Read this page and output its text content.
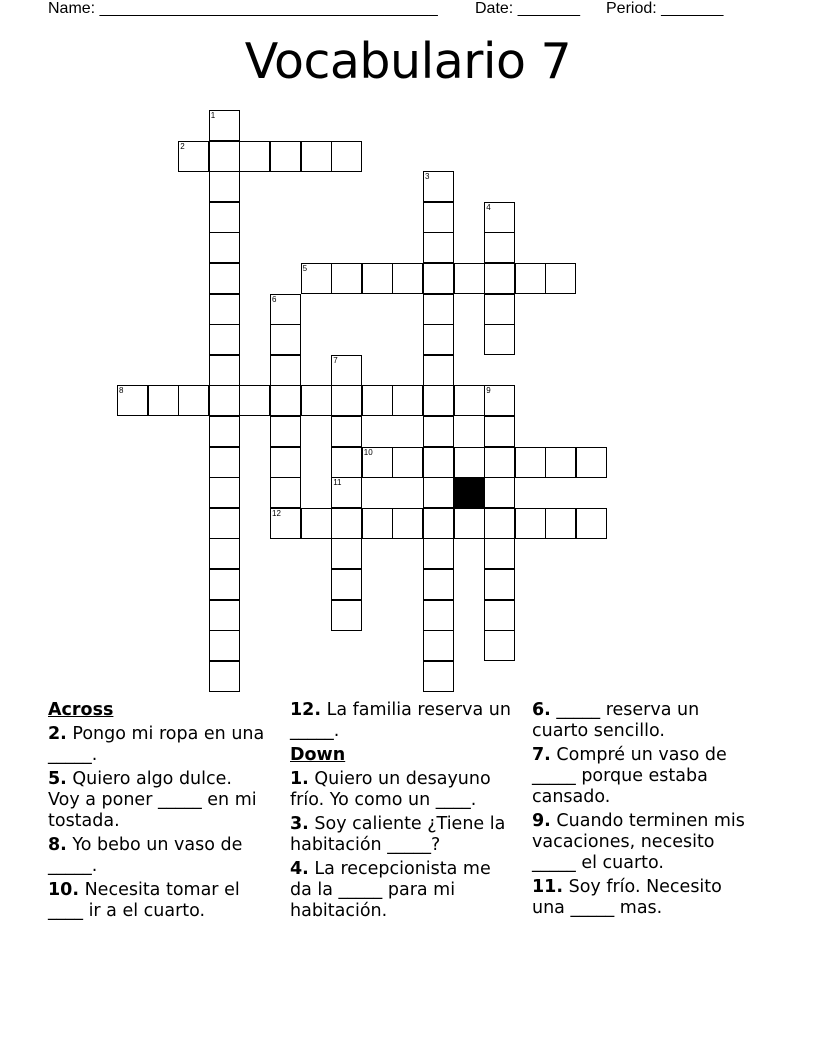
Name: ______________________________________ Date: _______ Period: _______
Vocabulario 7
1
2
3
4
5
6
7
8	9
10
11
12
Across
2. Pongo mi ropa en una _____.
5. Quiero algo dulce. Voy a poner _____ en mi tostada.
8. Yo bebo un vaso de _____.
10. Necesita tomar el ____ ir a el cuarto.
12. La familia reserva un _____.
Down
1. Quiero un desayuno frío. Yo como un ____.
3. Soy caliente ¿Tiene la habitación _____?
4. La recepcionista me da la _____ para mi habitación.
6. _____ reserva un cuarto sencillo.
7. Compré un vaso de _____ porque estaba cansado.
9. Cuando terminen mis vacaciones, necesito _____ el cuarto.
11. Soy frío. Necesito una _____ mas.
